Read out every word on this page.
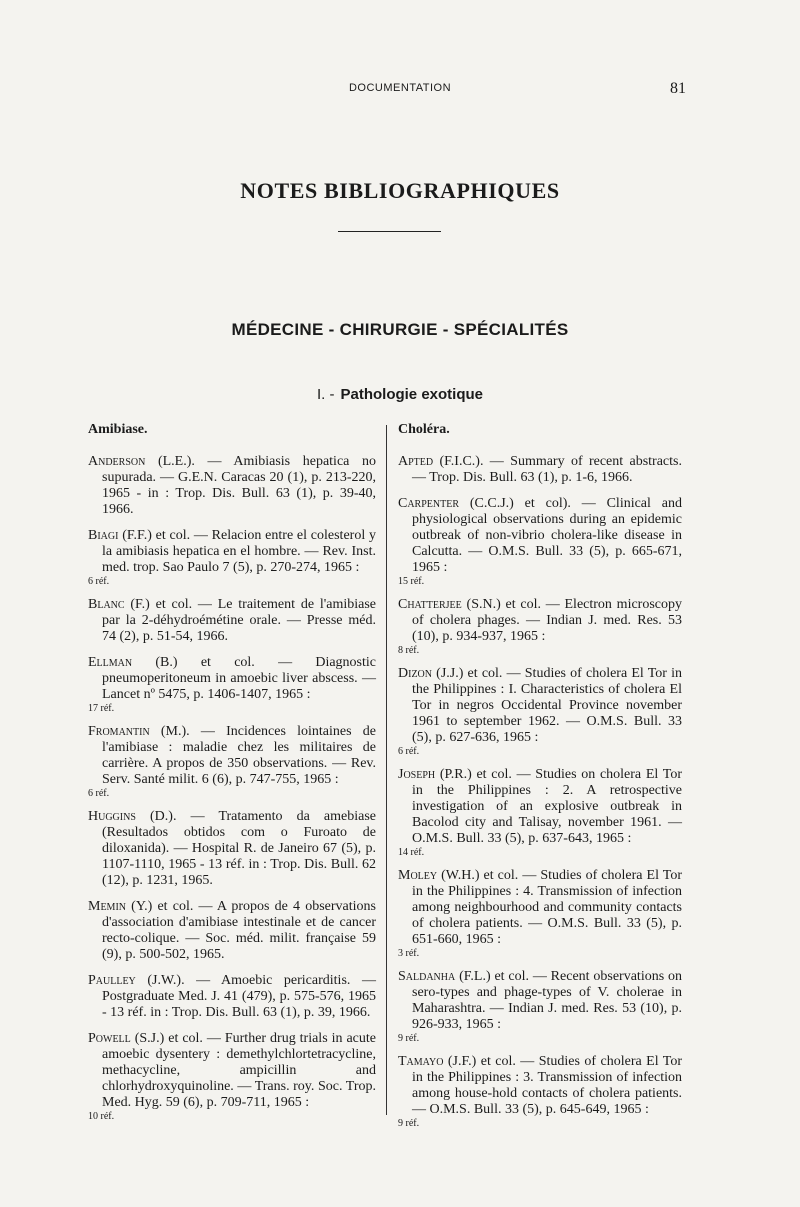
DOCUMENTATION	81
NOTES BIBLIOGRAPHIQUES
MÉDECINE - CHIRURGIE - SPÉCIALITÉS
I. - Pathologie exotique
Amibiase.

Anderson (L.E.). — Amibiasis hepatica no supurada. — G.E.N. Caracas 20 (1), p. 213-220, 1965 - in : Trop. Dis. Bull. 63 (1), p. 39-40, 1966.

Biagi (F.F.) et col. — Relacion entre el colesterol y la amibiasis hepatica en el hombre. — Rev. Inst. med. trop. Sao Paulo 7 (5), p. 270-274, 1965 :
6 réf.

Blanc (F.) et col. — Le traitement de l'amibiase par la 2-déhydroémétine orale. — Presse méd. 74 (2), p. 51-54, 1966.

Ellman (B.) et col. — Diagnostic pneumoperitoneum in amoebic liver abscess. — Lancet nº 5475, p. 1406-1407, 1965 :
17 réf.

Fromantin (M.). — Incidences lointaines de l'amibiase : maladie chez les militaires de carrière. A propos de 350 observations. — Rev. Serv. Santé milit. 6 (6), p. 747-755, 1965 :
6 réf.

Huggins (D.). — Tratamento da amebiase (Resultados obtidos com o Furoato de diloxanida). — Hospital R. de Janeiro 67 (5), p. 1107-1110, 1965 - 13 réf. in : Trop. Dis. Bull. 62 (12), p. 1231, 1965.

Memin (Y.) et col. — A propos de 4 observations d'association d'amibiase intestinale et de cancer recto-colique. — Soc. méd. milit. française 59 (9), p. 500-502, 1965.

Paulley (J.W.). — Amoebic pericarditis. — Postgraduate Med. J. 41 (479), p. 575-576, 1965 - 13 réf. in : Trop. Dis. Bull. 63 (1), p. 39, 1966.

Powell (S.J.) et col. — Further drug trials in acute amoebic dysentery : demethylchlortetracycline, methacycline, ampicillin and chlorhydroxyquinoline. — Trans. roy. Soc. Trop. Med. Hyg. 59 (6), p. 709-711, 1965 :
10 réf.

Choléra.

Apted (F.I.C.). — Summary of recent abstracts. — Trop. Dis. Bull. 63 (1), p. 1-6, 1966.

Carpenter (C.C.J.) et col). — Clinical and physiological observations during an epidemic outbreak of non-vibrio cholera-like disease in Calcutta. — O.M.S. Bull. 33 (5), p. 665-671, 1965 :
15 réf.

Chatterjee (S.N.) et col. — Electron microscopy of cholera phages. — Indian J. med. Res. 53 (10), p. 934-937, 1965 :
8 réf.

Dizon (J.J.) et col. — Studies of cholera El Tor in the Philippines : I. Characteristics of cholera El Tor in negros Occidental Province november 1961 to september 1962. — O.M.S. Bull. 33 (5), p. 627-636, 1965 :
6 réf.

Joseph (P.R.) et col. — Studies on cholera El Tor in the Philippines : 2. A retrospective investigation of an explosive outbreak in Bacolod city and Talisay, november 1961. — O.M.S. Bull. 33 (5), p. 637-643, 1965 :
14 réf.

Moley (W.H.) et col. — Studies of cholera El Tor in the Philippines : 4. Transmission of infection among neighbourhood and community contacts of cholera patients. — O.M.S. Bull. 33 (5), p. 651-660, 1965 :
3 réf.

Saldanha (F.L.) et col. — Recent observations on sero-types and phage-types of V. cholerae in Maharashtra. — Indian J. med. Res. 53 (10), p. 926-933, 1965 :
9 réf.

Tamayo (J.F.) et col. — Studies of cholera El Tor in the Philippines : 3. Transmission of infection among house-hold contacts of cholera patients. — O.M.S. Bull. 33 (5), p. 645-649, 1965 :
9 réf.
